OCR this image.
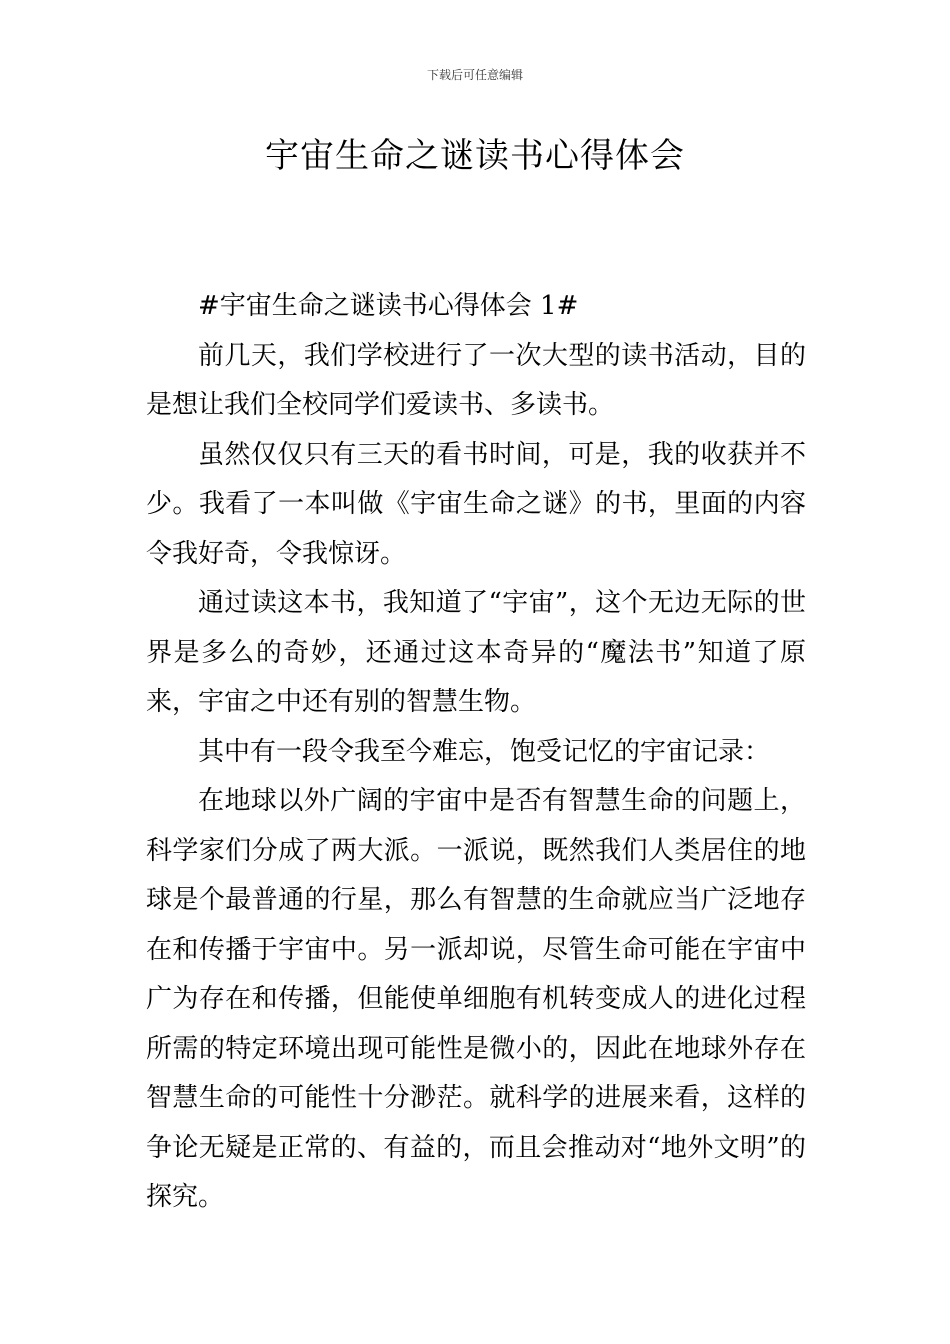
下载后可任意编辑
宇宙生命之谜读书心得体会

#宇宙生命之谜读书心得体会 1#

前几天，我们学校进行了一次大型的读书活动，目的是想让我们全校同学们爱读书、多读书。

虽然仅仅只有三天的看书时间，可是，我的收获并不少。我看了一本叫做《宇宙生命之谜》的书，里面的内容令我好奇，令我惊讶。

通过读这本书，我知道了“宇宙”，这个无边无际的世界是多么的奇妙，还通过这本奇异的“魔法书”知道了原来，宇宙之中还有别的智慧生物。

其中有一段令我至今难忘，饱受记忆的宇宙记录：

在地球以外广阔的宇宙中是否有智慧生命的问题上，科学家们分成了两大派。一派说，既然我们人类居住的地球是个最普通的行星，那么有智慧的生命就应当广泛地存在和传播于宇宙中。另一派却说，尽管生命可能在宇宙中广为存在和传播，但能使单细胞有机转变成人的进化过程所需的特定环境出现可能性是微小的，因此在地球外存在智慧生命的可能性十分渺茫。就科学的进展来看，这样的争论无疑是正常的、有益的，而且会推动对“地外文明”的探究。
